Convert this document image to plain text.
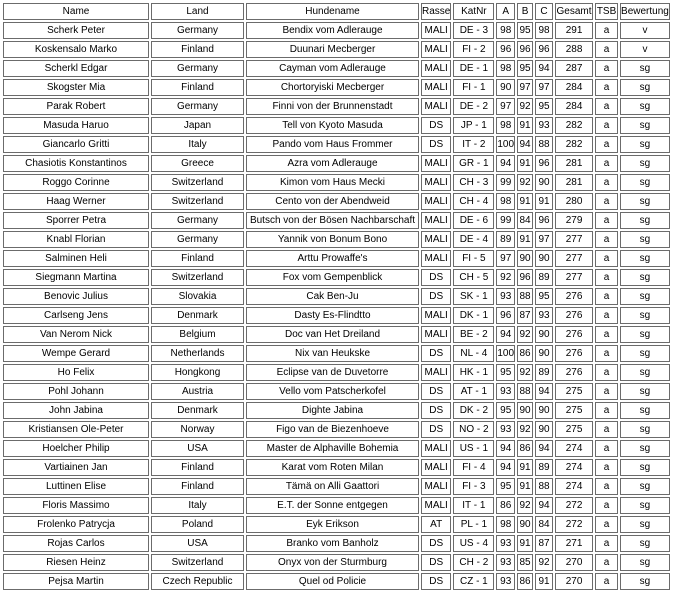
Name	Land	Hundename	Rasse	KatNr	A	B	C	Gesamt	TSB	Bewertung
Scherk Peter	Germany	Bendix vom Adlerauge	MALI	DE - 3	98	95	98	291	a	v
Koskensalo Marko	Finland	Duunari Mecberger	MALI	FI - 2	96	96	96	288	a	v
Scherkl Edgar	Germany	Cayman vom Adlerauge	MALI	DE - 1	98	95	94	287	a	sg
Skogster Mia	Finland	Chortoryiski Mecberger	MALI	FI - 1	90	97	97	284	a	sg
Parak Robert	Germany	Finni von der Brunnenstadt	MALI	DE - 2	97	92	95	284	a	sg
Masuda Haruo	Japan	Tell von Kyoto Masuda	DS	JP - 1	98	91	93	282	a	sg
Giancarlo Gritti	Italy	Pando vom Haus Frommer	DS	IT - 2	100	94	88	282	a	sg
Chasiotis Konstantinos	Greece	Azra vom Adlerauge	MALI	GR - 1	94	91	96	281	a	sg
Roggo Corinne	Switzerland	Kimon vom Haus Mecki	MALI	CH - 3	99	92	90	281	a	sg
Haag Werner	Switzerland	Cento von der Abendweid	MALI	CH - 4	98	91	91	280	a	sg
Sporrer Petra	Germany	Butsch von der Bösen Nachbarschaft	MALI	DE - 6	99	84	96	279	a	sg
Knabl Florian	Germany	Yannik von Bonum Bono	MALI	DE - 4	89	91	97	277	a	sg
Salminen Heli	Finland	Arttu Prowaffe's	MALI	FI - 5	97	90	90	277	a	sg
Siegmann Martina	Switzerland	Fox vom Gempenblick	DS	CH - 5	92	96	89	277	a	sg
Benovic Julius	Slovakia	Cak Ben-Ju	DS	SK - 1	93	88	95	276	a	sg
Carlseng Jens	Denmark	Dasty Es-Flindtto	MALI	DK - 1	96	87	93	276	a	sg
Van Nerom Nick	Belgium	Doc van Het Dreiland	MALI	BE - 2	94	92	90	276	a	sg
Wempe Gerard	Netherlands	Nix van Heukske	DS	NL - 4	100	86	90	276	a	sg
Ho Felix	Hongkong	Eclipse van de Duvetorre	MALI	HK - 1	95	92	89	276	a	sg
Pohl Johann	Austria	Vello vom Patscherkofel	DS	AT - 1	93	88	94	275	a	sg
John Jabina	Denmark	Dighte Jabina	DS	DK - 2	95	90	90	275	a	sg
Kristiansen Ole-Peter	Norway	Figo van de Biezenhoeve	DS	NO - 2	93	92	90	275	a	sg
Hoelcher Philip	USA	Master de Alphaville Bohemia	MALI	US - 1	94	86	94	274	a	sg
Vartiainen Jan	Finland	Karat vom Roten Milan	MALI	FI - 4	94	91	89	274	a	sg
Luttinen Elise	Finland	Tämä on Alli Gaattori	MALI	FI - 3	95	91	88	274	a	sg
Floris Massimo	Italy	E.T. der Sonne entgegen	MALI	IT - 1	86	92	94	272	a	sg
Frolenko Patrycja	Poland	Eyk Erikson	AT	PL - 1	98	90	84	272	a	sg
Rojas Carlos	USA	Branko vom Banholz	DS	US - 4	93	91	87	271	a	sg
Riesen Heinz	Switzerland	Onyx von der Sturmburg	DS	CH - 2	93	85	92	270	a	sg
Pejsa Martin	Czech Republic	Quel od Policie	DS	CZ - 1	93	86	91	270	a	sg
